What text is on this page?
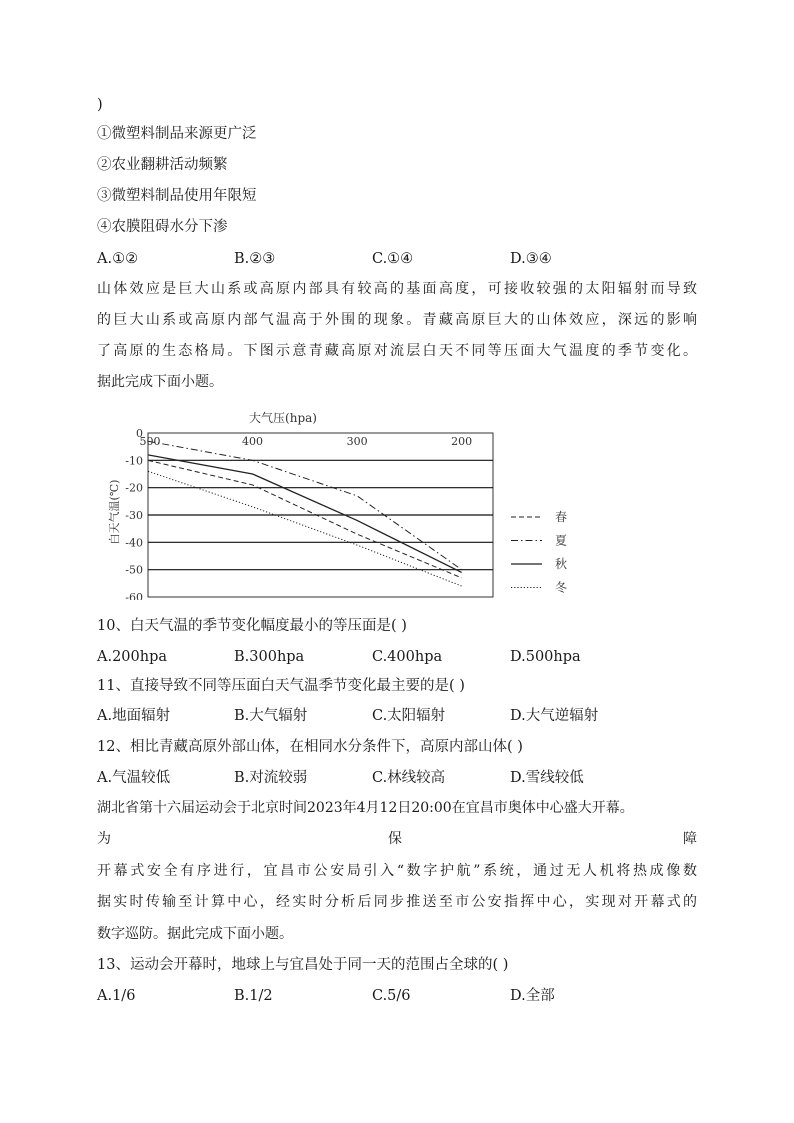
)
①微塑料制品来源更广泛
②农业翻耕活动频繁
③微塑料制品使用年限短
④农膜阻碍水分下渗
A.①②	B.②③	C.①④	D.③④
山体效应是巨大山系或高原内部具有较高的基面高度，可接收较强的太阳辐射而导致
的巨大山系或高原内部气温高于外围的现象。青藏高原巨大的山体效应，深远的影响
了高原的生态格局。下图示意青藏高原对流层白天不同等压面大气温度的季节变化。
据此完成下面小题。
大气压(hpa)
白天气温(℃)
0
-10
-20
-30
-40
-50
-60
500	400	300	200
春
夏
秋
冬
10、白天气温的季节变化幅度最小的等压面是( )
A.200hpa	B.300hpa	C.400hpa	D.500hpa
11、直接导致不同等压面白天气温季节变化最主要的是( )
A.地面辐射	B.大气辐射	C.太阳辐射	D.大气逆辐射
12、相比青藏高原外部山体，在相同水分条件下，高原内部山体( )
A.气温较低	B.对流较弱	C.林线较高	D.雪线较低
湖北省第十六届运动会于北京时间2023年4月12日20:00在宜昌市奥体中心盛大开幕。
为	保	障
开幕式安全有序进行，宜昌市公安局引入“数字护航”系统，通过无人机将热成像数
据实时传输至计算中心，经实时分析后同步推送至市公安指挥中心，实现对开幕式的
数字巡防。据此完成下面小题。
13、运动会开幕时，地球上与宜昌处于同一天的范围占全球的( )
A.1/6	B.1/2	C.5/6	D.全部
